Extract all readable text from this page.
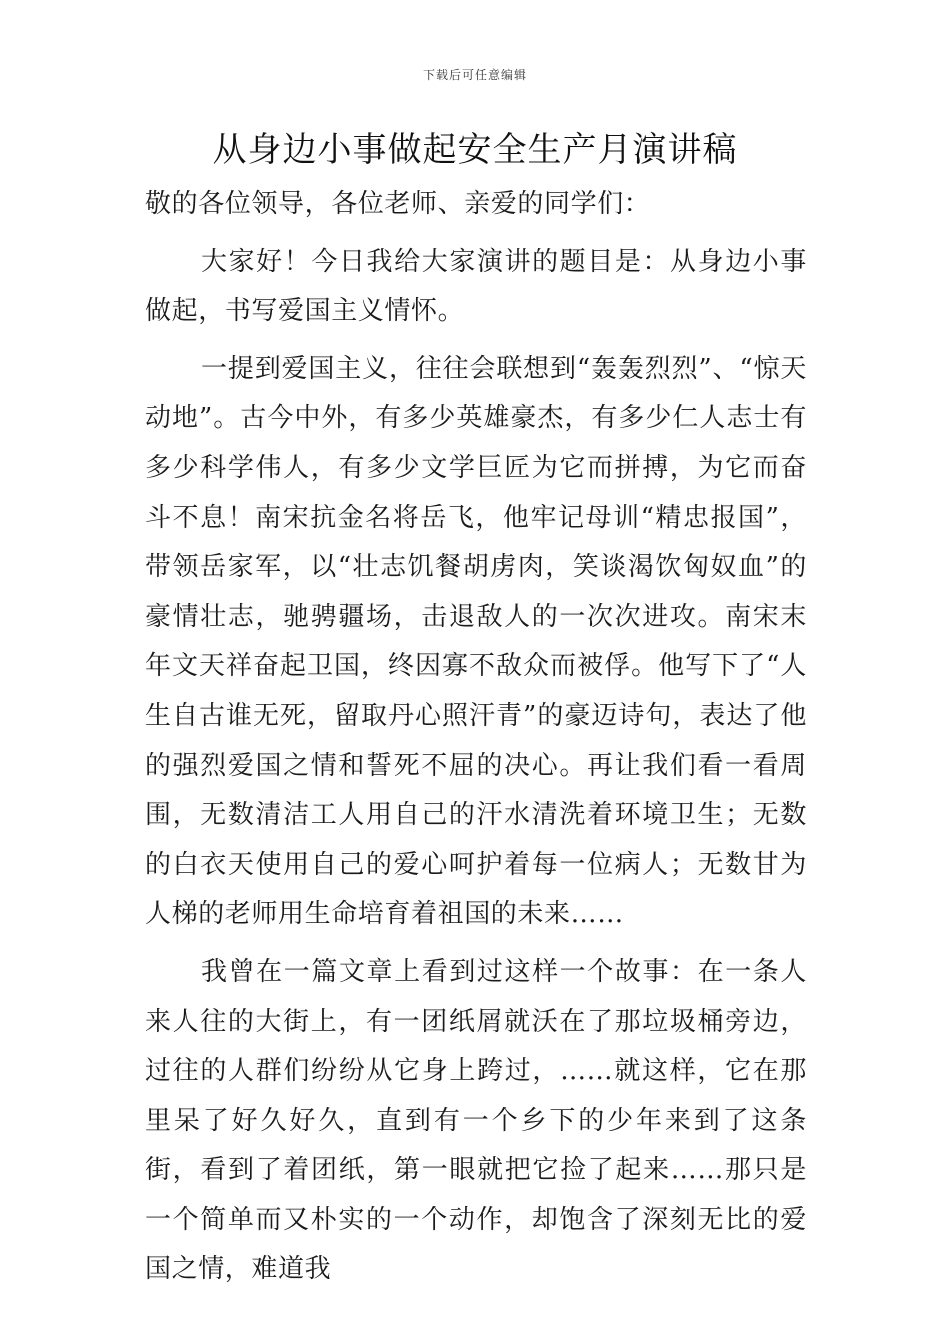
下载后可任意编辑
从身边小事做起安全生产月演讲稿

敬的各位领导，各位老师、亲爱的同学们：

大家好！今日我给大家演讲的题目是：从身边小事做起，书写爱国主义情怀。

一提到爱国主义，往往会联想到“轰轰烈烈”、“惊天动地”。古今中外，有多少英雄豪杰，有多少仁人志士有多少科学伟人，有多少文学巨匠为它而拼搏，为它而奋斗不息！南宋抗金名将岳飞，他牢记母训“精忠报国”，带领岳家军，以“壮志饥餐胡虏肉，笑谈渴饮匈奴血”的豪情壮志，驰骋疆场，击退敌人的一次次进攻。南宋末年文天祥奋起卫国，终因寡不敌众而被俘。他写下了“人生自古谁无死，留取丹心照汗青”的豪迈诗句，表达了他的强烈爱国之情和誓死不屈的决心。再让我们看一看周围，无数清洁工人用自己的汗水清洗着环境卫生；无数的白衣天使用自己的爱心呵护着每一位病人；无数甘为人梯的老师用生命培育着祖国的未来……

我曾在一篇文章上看到过这样一个故事：在一条人来人往的大街上，有一团纸屑就沃在了那垃圾桶旁边，过往的人群们纷纷从它身上跨过，……就这样，它在那里呆了好久好久，直到有一个乡下的少年来到了这条街，看到了着团纸，第一眼就把它捡了起来……那只是一个简单而又朴实的一个动作，却饱含了深刻无比的爱国之情，难道我
